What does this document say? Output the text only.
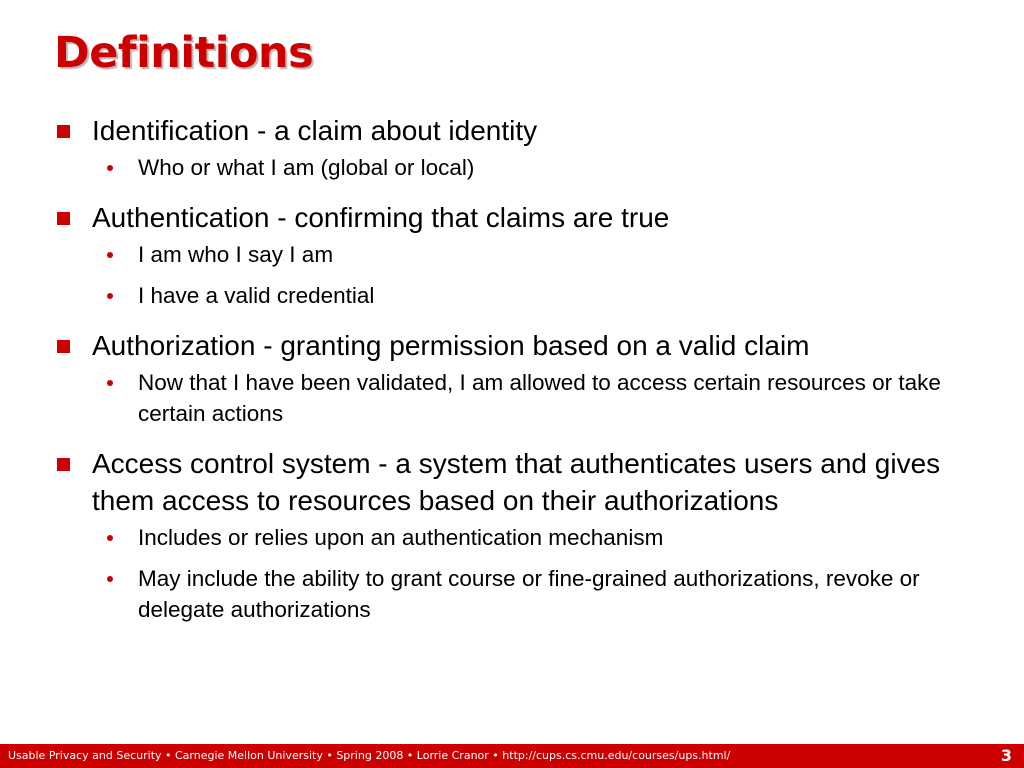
Definitions
Identification - a claim about identity
Who or what I am (global or local)
Authentication - confirming that claims are true
I am who I say I am
I have a valid credential
Authorization - granting permission based on a valid claim
Now that I have been validated, I am allowed to access certain resources or take certain actions
Access control system - a system that authenticates users and gives them access to resources based on their authorizations
Includes or relies upon an authentication mechanism
May include the ability to grant course or fine-grained authorizations, revoke or delegate authorizations
Usable Privacy and Security • Carnegie Mellon University • Spring 2008 • Lorrie Cranor • http://cups.cs.cmu.edu/courses/ups.html/	3
